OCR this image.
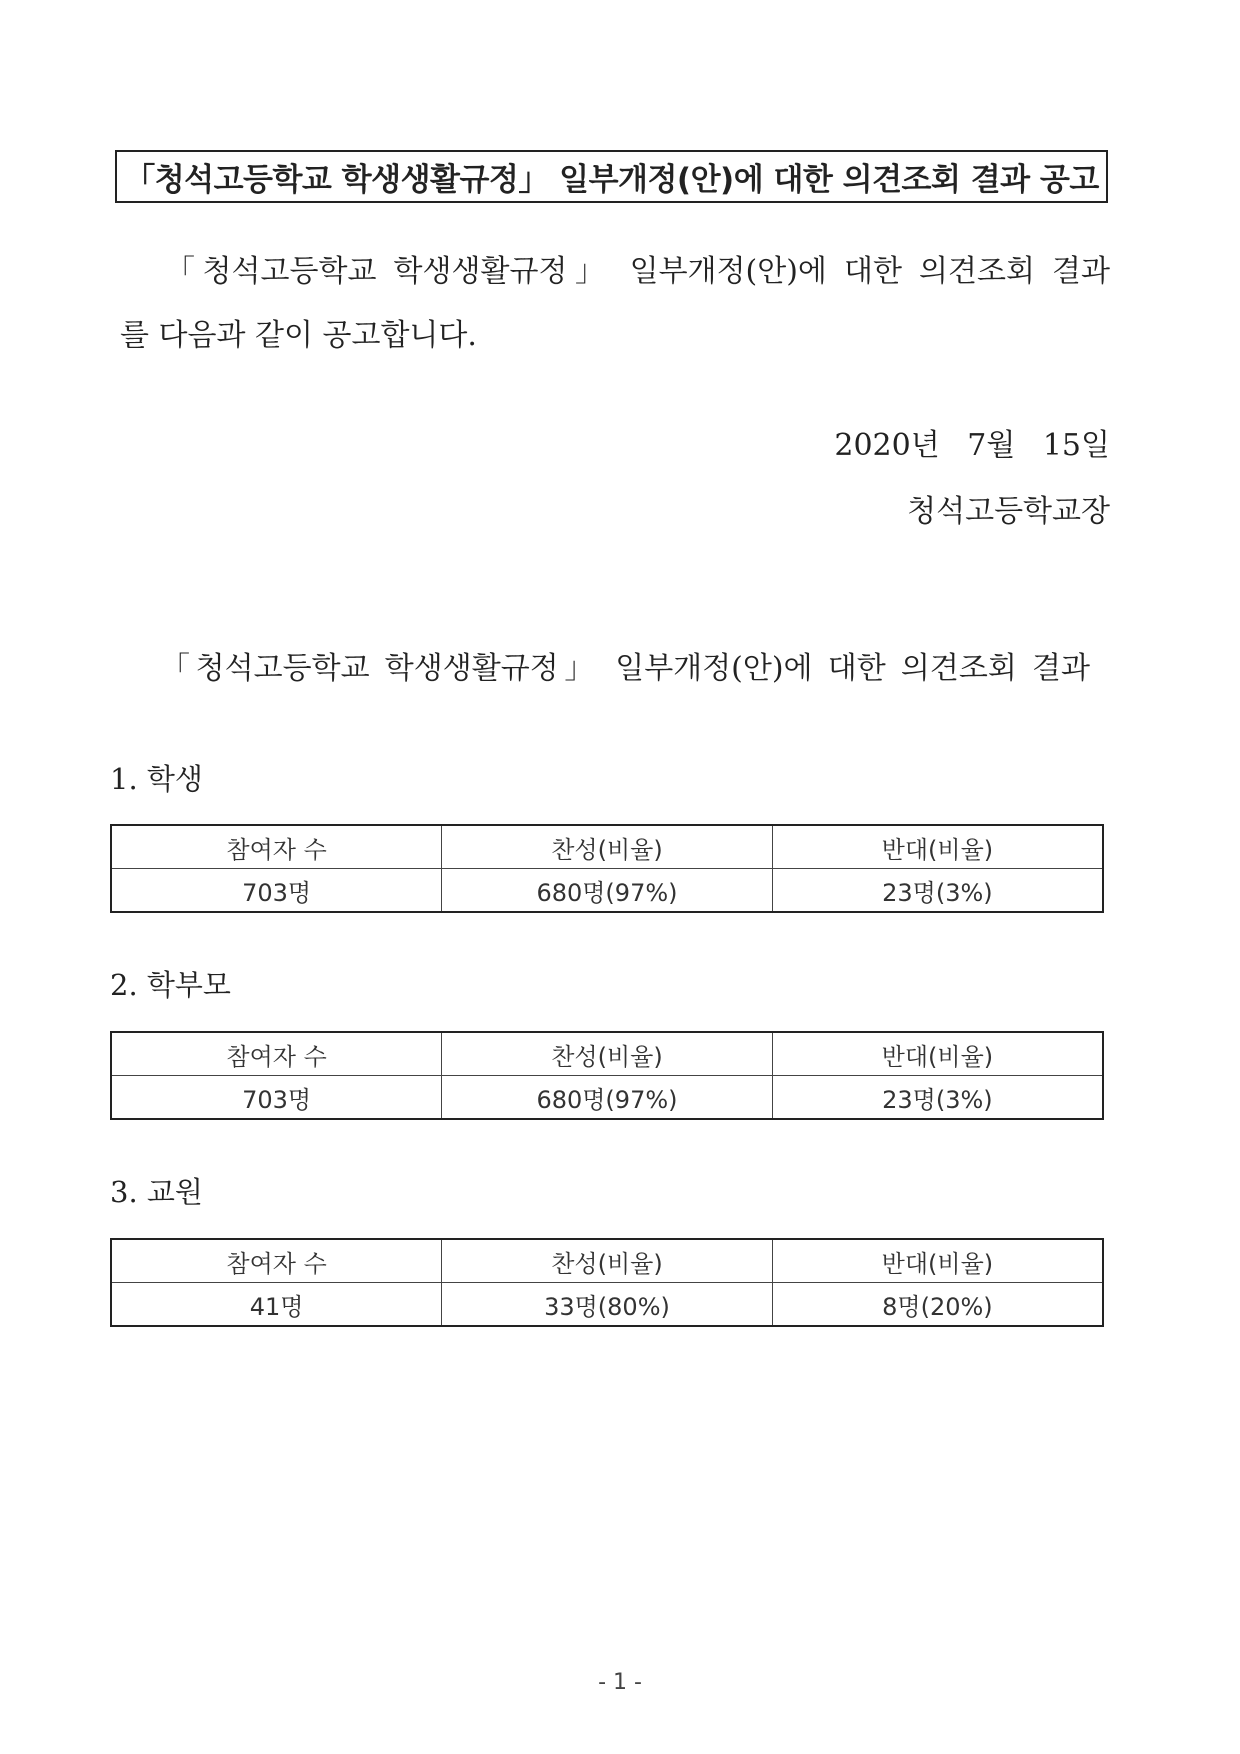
「청석고등학교 학생생활규정」 일부개정(안)에 대한 의견조회 결과 공고
「청석고등학교 학생생활규정」 일부개정(안)에 대한 의견조회 결과
를 다음과 같이 공고합니다.
2020년 7월 15일
청석고등학교장
「청석고등학교 학생생활규정」 일부개정(안)에 대한 의견조회 결과
1. 학생
참여자 수	찬성(비율)	반대(비율)
703명	680명(97%)	23명(3%)
2. 학부모
참여자 수	찬성(비율)	반대(비율)
703명	680명(97%)	23명(3%)
3. 교원
참여자 수	찬성(비율)	반대(비율)
41명	33명(80%)	8명(20%)
- 1 -
